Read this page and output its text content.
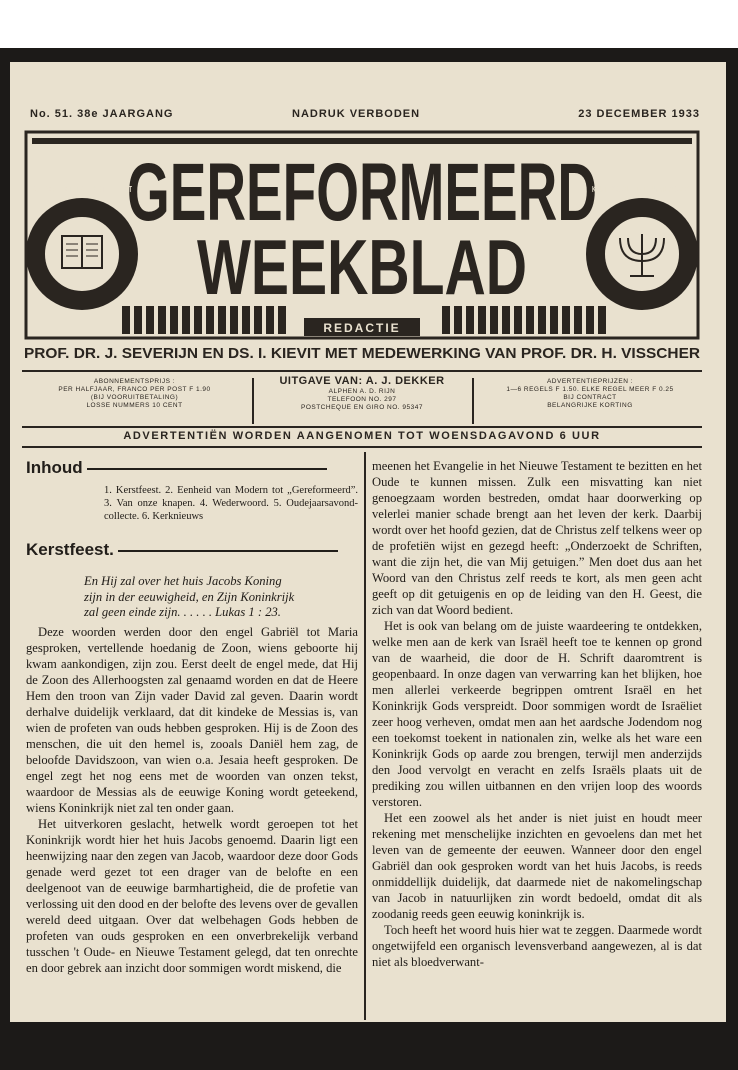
No. 51. 38e JAARGANG	NADRUK VERBODEN	23 DECEMBER 1933
GEREFORMEERD
WEEKBLAD
WAT VERGAET·'T WOORDT BESTAET	KOMT GOD'S LIGT·'T DUYSTER SWIGT
REDACTIE
PROF. DR. J. SEVERIJN EN DS. I. KIEVIT MET MEDEWERKING VAN PROF. DR. H. VISSCHER
ABONNEMENTSPRIJS :
PER HALFJAAR, FRANCO PER POST F 1.90
(BIJ VOORUITBETALING)
LOSSE NUMMERS 10 CENT
UITGAVE VAN: A. J. DEKKER
ALPHEN A. D. RIJN
TELEFOON NO. 297
POSTCHEQUE EN GIRO NO. 95347
ADVERTENTIEPRIJZEN :
1—6 REGELS F 1.50. ELKE REGEL MEER F 0.25
BIJ CONTRACT
BELANGRIJKE KORTING
ADVERTENTIËN WORDEN AANGENOMEN TOT WOENSDAGAVOND 6 UUR
Inhoud
1. Kerstfeest. 2. Eenheid van Modern tot „Gereformeerd”. 3. Van onze knapen. 4. Wederwoord. 5. Oudejaarsavond-collecte. 6. Kerknieuws
Kerstfeest.
En Hij zal over het huis Jacobs Koning
zijn in der eeuwigheid, en Zijn Koninkrijk
zal geen einde zijn. . . . . . Lukas 1 : 23.

Deze woorden werden door den engel Gabriël tot Maria gesproken, vertellende hoedanig de Zoon, wiens geboorte hij kwam aankondigen, zijn zou. Eerst deelt de engel mede, dat Hij de Zoon des Allerhoogsten zal genaamd worden en dat de Heere Hem den troon van Zijn vader David zal geven. Daarin wordt derhalve duidelijk verklaard, dat dit kindeke de Messias is, van wien de profeten van ouds hebben gesproken. Hij is de Zoon des menschen, die uit den hemel is, zooals Daniël hem zag, de beloofde Davidszoon, van wien o.a. Jesaia heeft gesproken. De engel zegt het nog eens met de woorden van onzen tekst, waardoor de Messias als de eeuwige Koning wordt geteekend, wiens Koninkrijk niet zal ten onder gaan.

Het uitverkoren geslacht, hetwelk wordt geroepen tot het Koninkrijk wordt hier het huis Jacobs genoemd. Daarin ligt een heenwijzing naar den zegen van Jacob, waardoor deze door Gods genade werd gezet tot een drager van de belofte en een deelgenoot van de eeuwige barmhartigheid, die de profetie van verlossing uit den dood en der belofte des levens over de gevallen wereld deed uitgaan. Over dat welbehagen Gods hebben de profeten van ouds gesproken en een onverbrekelijk verband tusschen 't Oude- en Nieuwe Testament gelegd, dat ten onrechte en door gebrek aan inzicht door sommigen wordt miskend, die

meenen het Evangelie in het Nieuwe Testament te bezitten en het Oude te kunnen missen. Zulk een misvatting kan niet genoegzaam worden bestreden, omdat haar doorwerking op velerlei manier schade brengt aan het leven der kerk. Daarbij wordt over het hoofd gezien, dat de Christus zelf telkens weer op de profetiën wijst en gezegd heeft: „Onderzoekt de Schriften, want die zijn het, die van Mij getuigen.” Men doet dus aan het Woord van den Christus zelf reeds te kort, als men geen acht geeft op dit getuigenis en op de leiding van den H. Geest, die zich van dat Woord bedient.

Het is ook van belang om de juiste waardeering te ontdekken, welke men aan de kerk van Israël heeft toe te kennen op grond van de waarheid, die door de H. Schrift daaromtrent is geopenbaard. In onze dagen van verwarring kan het blijken, hoe men allerlei verkeerde begrippen omtrent Israël en het Koninkrijk Gods verspreidt. Door sommigen wordt de Israëliet zeer hoog verheven, omdat men aan het aardsche Jodendom nog een toekomst toekent in nationalen zin, welke als het ware een Koninkrijk Gods op aarde zou brengen, terwijl men anderzijds den Jood vervolgt en veracht en zelfs Israëls plaats uit de prediking zou willen uitbannen en den vrijen loop des woords verstoren.

Het een zoowel als het ander is niet juist en houdt meer rekening met menschelijke inzichten en gevoelens dan met het leven van de gemeente der eeuwen. Wanneer door den engel Gabriël dan ook gesproken wordt van het huis Jacobs, is reeds onmiddellijk duidelijk, dat daarmede niet de nakomelingschap van Jacob in natuurlijken zin wordt bedoeld, omdat dit als zoodanig reeds geen eeuwig koninkrijk is.

Toch heeft het woord huis hier wat te zeggen. Daarmede wordt ongetwijfeld een organisch levensverband aangewezen, al is dat niet als bloedverwant-
